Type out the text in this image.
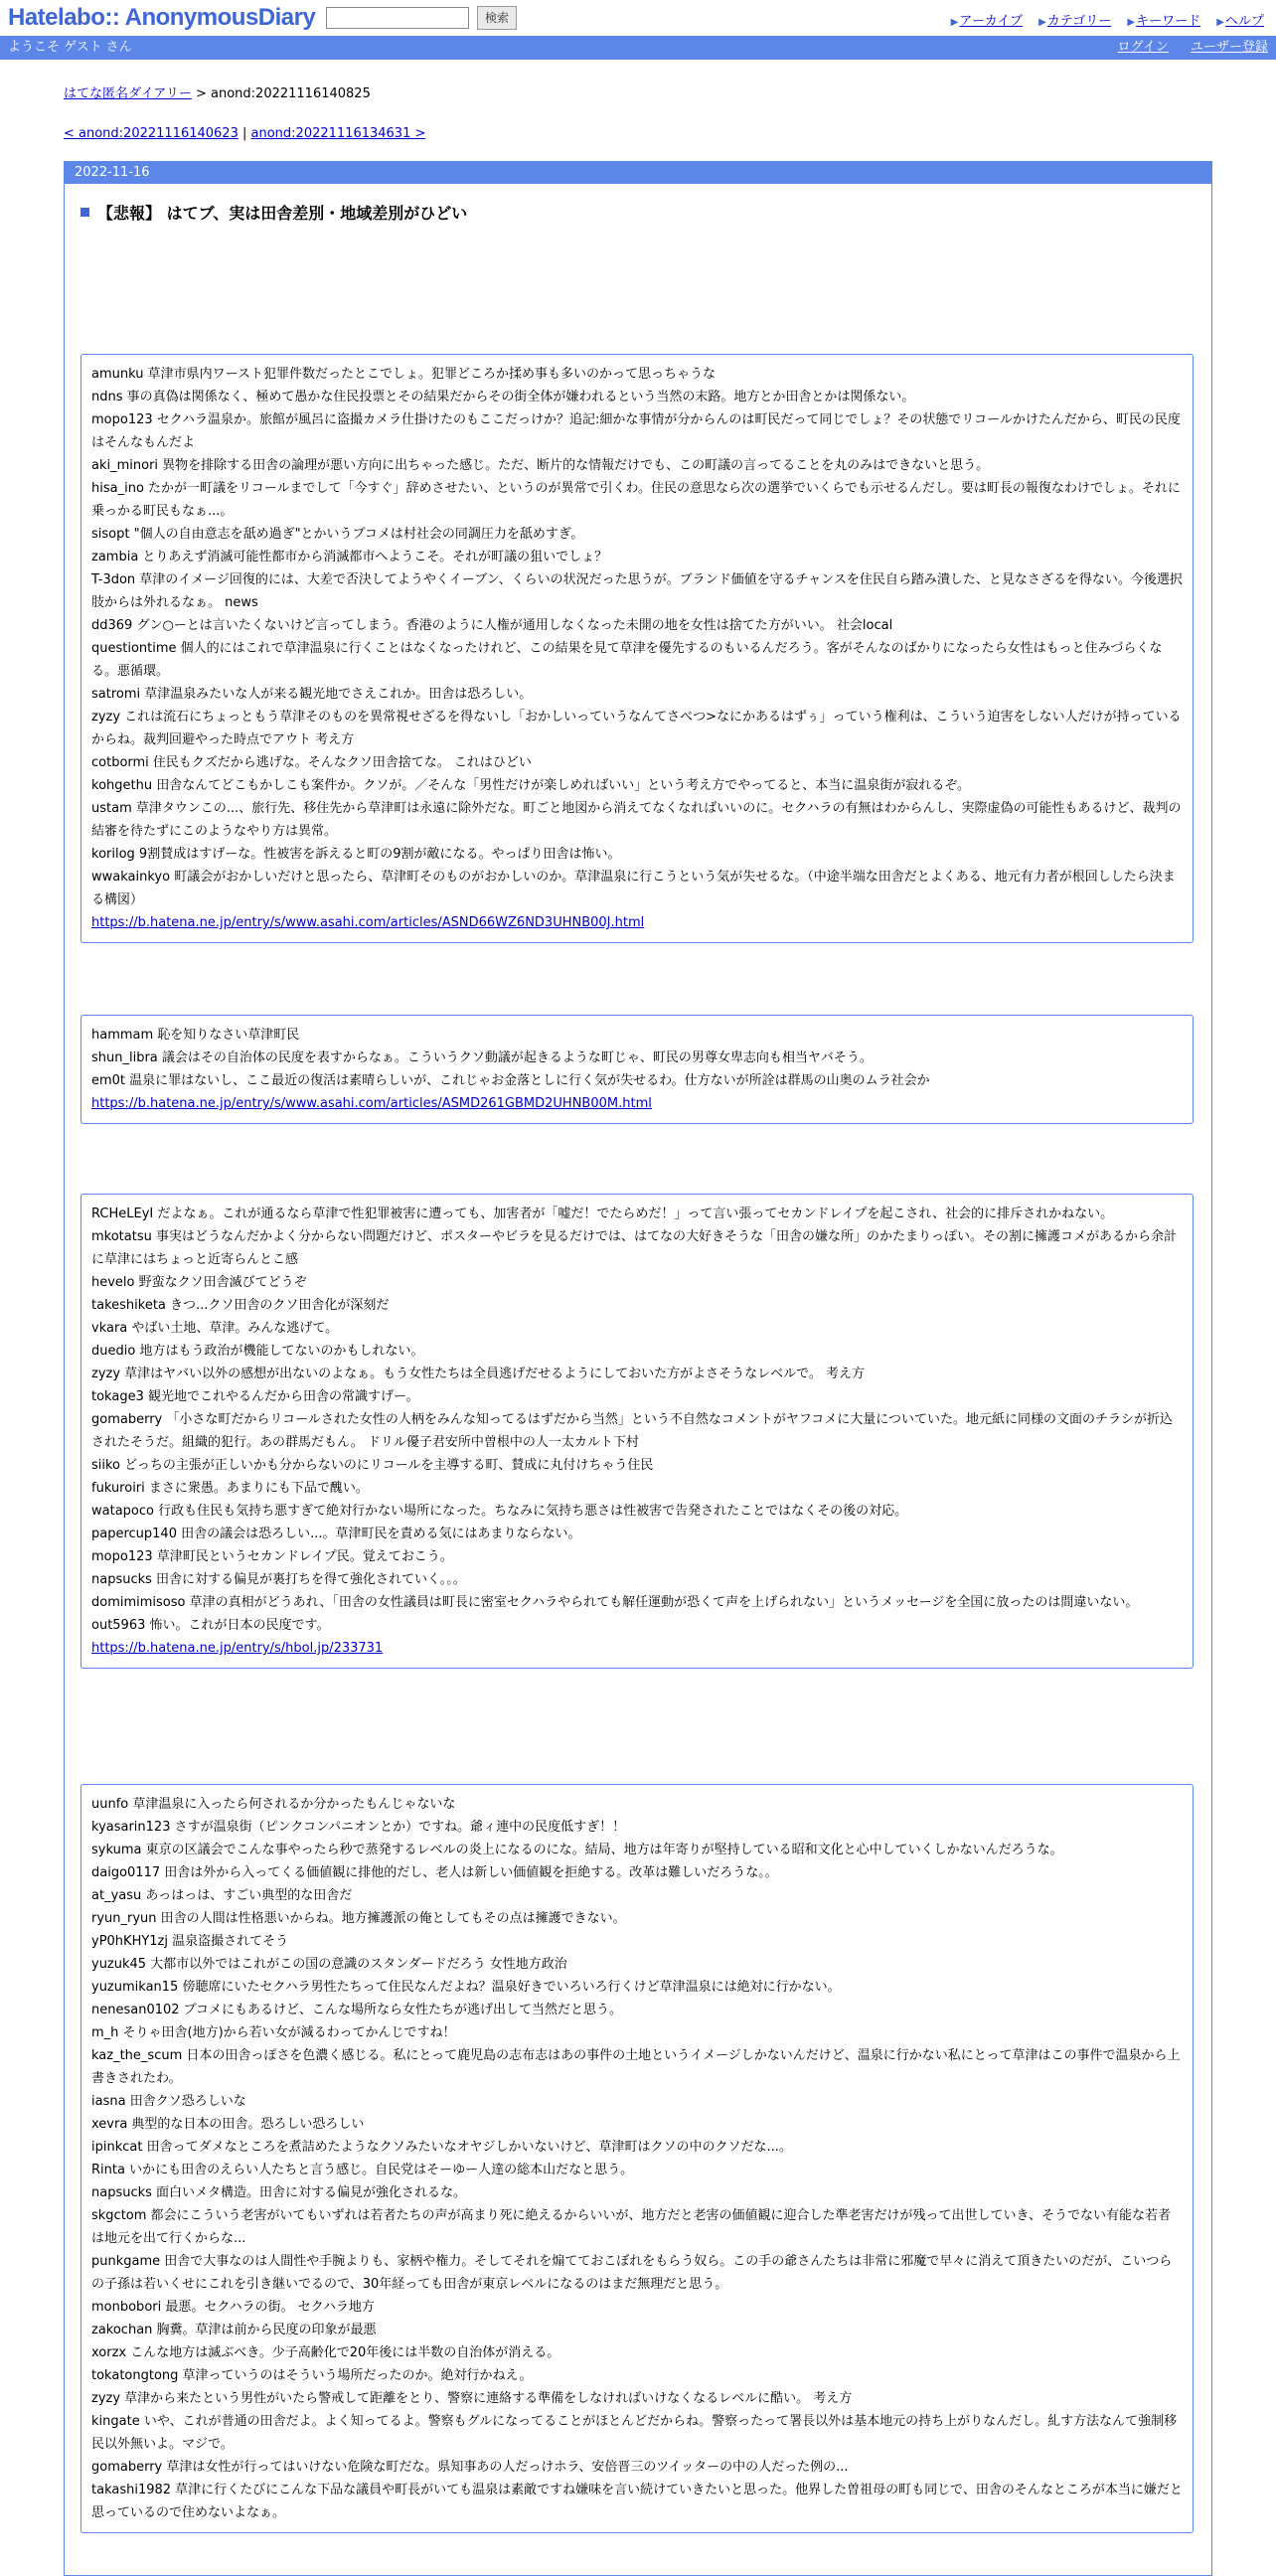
Hatelabo:: AnonymousDiary	検索	▶アーカイブ ▶カテゴリー ▶キーワード ▶ヘルプ
ようこそ ゲスト さん	ログイン ユーザー登録
はてな匿名ダイアリー > anond:20221116140825
< anond:20221116140623 | anond:20221116134631 >
2022-11-16
【悲報】 はてブ、実は田舎差別・地域差別がひどい

amunku 草津市県内ワースト犯罪件数だったとこでしょ。犯罪どころか揉め事も多いのかって思っちゃうな

ndns 事の真偽は関係なく、極めて愚かな住民投票とその結果だからその街全体が嫌われるという当然の末路。地方とか田舎とかは関係ない。

mopo123 セクハラ温泉か。旅館が風呂に盗撮カメラ仕掛けたのもここだっけか？追記:細かな事情が分からんのは町民だって同じでしょ？その状態でリコールかけたんだから、町民の民度はそんなもんだよ

aki_minori 異物を排除する田舎の論理が悪い方向に出ちゃった感じ。ただ、断片的な情報だけでも、この町議の言ってることを丸のみはできないと思う。

hisa_ino たかが一町議をリコールまでして「今すぐ」辞めさせたい、というのが異常で引くわ。住民の意思なら次の選挙でいくらでも示せるんだし。要は町長の報復なわけでしょ。それに乗っかる町民もなぁ...。

sisopt "個人の自由意志を舐め過ぎ"とかいうブコメは村社会の同調圧力を舐めすぎ。

zambia とりあえず消滅可能性都市から消滅都市へようこそ。それが町議の狙いでしょ？

T-3don 草津のイメージ回復的には、大差で否決してようやくイーブン、くらいの状況だった思うが。ブランド価値を守るチャンスを住民自ら踏み潰した、と見なさざるを得ない。今後選択肢からは外れるなぁ。 news

dd369 グン○ーとは言いたくないけど言ってしまう。香港のように人権が通用しなくなった未開の地を女性は捨てた方がいい。 社会local

questiontime 個人的にはこれで草津温泉に行くことはなくなったけれど、この結果を見て草津を優先するのもいるんだろう。客がそんなのばかりになったら女性はもっと住みづらくなる。悪循環。

satromi 草津温泉みたいな人が来る観光地でさえこれか。田舎は恐ろしい。

zyzy これは流石にちょっともう草津そのものを異常視せざるを得ないし「おかしいっていうなんてさべつ>なにかあるはずぅ」っていう権利は、こういう迫害をしない人だけが持っているからね。裁判回避やった時点でアウト 考え方

cotbormi 住民もクズだから逃げな。そんなクソ田舎捨てな。 これはひどい

kohgethu 田舎なんてどこもかしこも案件か。クソが。／そんな「男性だけが楽しめればいい」という考え方でやってると、本当に温泉街が寂れるぞ。

ustam 草津タウンこの...、旅行先、移住先から草津町は永遠に除外だな。町ごと地図から消えてなくなればいいのに。セクハラの有無はわからんし、実際虚偽の可能性もあるけど、裁判の結審を待たずにこのようなやり方は異常。

korilog 9割賛成はすげーな。性被害を訴えると町の9割が敵になる。やっぱり田舎は怖い。

wwakainkyo 町議会がおかしいだけと思ったら、草津町そのものがおかしいのか。草津温泉に行こうという気が失せるな。（中途半端な田舎だとよくある、地元有力者が根回ししたら決まる構図）

https://b.hatena.ne.jp/entry/s/www.asahi.com/articles/ASND66WZ6ND3UHNB00J.html

hammam 恥を知りなさい草津町民

shun_libra 議会はその自治体の民度を表すからなぁ。こういうクソ動議が起きるような町じゃ、町民の男尊女卑志向も相当ヤバそう。

em0t 温泉に罪はないし、ここ最近の復活は素晴らしいが、これじゃお金落としに行く気が失せるわ。仕方ないが所詮は群馬の山奥のムラ社会か

https://b.hatena.ne.jp/entry/s/www.asahi.com/articles/ASMD261GBMD2UHNB00M.html

RCHeLEyI だよなぁ。これが通るなら草津で性犯罪被害に遭っても、加害者が「嘘だ！でたらめだ！」って言い張ってセカンドレイプを起こされ、社会的に排斥されかねない。

mkotatsu 事実はどうなんだかよく分からない問題だけど、ポスターやビラを見るだけでは、はてなの大好きそうな「田舎の嫌な所」のかたまりっぽい。その割に擁護コメがあるから余計に草津にはちょっと近寄らんとこ感

hevelo 野蛮なクソ田舎滅びてどうぞ

takeshiketa きつ...クソ田舎のクソ田舎化が深刻だ

vkara やばい土地、草津。みんな逃げて。

duedio 地方はもう政治が機能してないのかもしれない。

zyzy 草津はヤバい以外の感想が出ないのよなぁ。もう女性たちは全員逃げだせるようにしておいた方がよさそうなレベルで。 考え方

tokage3 観光地でこれやるんだから田舎の常識すげー。

gomaberry 「小さな町だからリコールされた女性の人柄をみんな知ってるはずだから当然」という不自然なコメントがヤフコメに大量についていた。地元紙に同様の文面のチラシが折込されたそうだ。組織的犯行。あの群馬だもん。 ドリル優子君安所中曽根中の人一太カルト下村

siiko どっちの主張が正しいかも分からないのにリコールを主導する町、賛成に丸付けちゃう住民

fukuroiri まさに衆愚。あまりにも下品で醜い。

watapoco 行政も住民も気持ち悪すぎて絶対行かない場所になった。ちなみに気持ち悪さは性被害で告発されたことではなくその後の対応。

papercup140 田舎の議会は恐ろしい...。草津町民を責める気にはあまりならない。

mopo123 草津町民というセカンドレイプ民。覚えておこう。

napsucks 田舎に対する偏見が裏打ちを得て強化されていく。。。

domimimisoso 草津の真相がどうあれ、「田舎の女性議員は町長に密室セクハラやられても解任運動が恐くて声を上げられない」というメッセージを全国に放ったのは間違いない。

out5963 怖い。これが日本の民度です。

https://b.hatena.ne.jp/entry/s/hbol.jp/233731

uunfo 草津温泉に入ったら何されるか分かったもんじゃないな

kyasarin123 さすが温泉街（ピンクコンパニオンとか）ですね。爺ィ連中の民度低すぎ！！

sykuma 東京の区議会でこんな事やったら秒で蒸発するレベルの炎上になるのにな。結局、地方は年寄りが堅持している昭和文化と心中していくしかないんだろうな。

daigo0117 田舎は外から入ってくる価値観に排他的だし、老人は新しい価値観を拒絶する。改革は難しいだろうな。。

at_yasu あっはっは、すごい典型的な田舎だ

ryun_ryun 田舎の人間は性格悪いからね。地方擁護派の俺としてもその点は擁護できない。

yP0hKHY1zj 温泉盗撮されてそう

yuzuk45 大都市以外ではこれがこの国の意識のスタンダードだろう 女性地方政治

yuzumikan15 傍聴席にいたセクハラ男性たちって住民なんだよね？温泉好きでいろいろ行くけど草津温泉には絶対に行かない。

nenesan0102 ブコメにもあるけど、こんな場所なら女性たちが逃げ出して当然だと思う。

m_h そりゃ田舎(地方)から若い女が減るわってかんじですね！

kaz_the_scum 日本の田舎っぽさを色濃く感じる。私にとって鹿児島の志布志はあの事件の土地というイメージしかないんだけど、温泉に行かない私にとって草津はこの事件で温泉から上書きされたわ。

iasna 田舎クソ恐ろしいな

xevra 典型的な日本の田舎。恐ろしい恐ろしい

ipinkcat 田舎ってダメなところを煮詰めたようなクソみたいなオヤジしかいないけど、草津町はクソの中のクソだな...。

Rinta いかにも田舎のえらい人たちと言う感じ。自民党はそーゆー人達の総本山だなと思う。

napsucks 面白いメタ構造。田舎に対する偏見が強化されるな。

skgctom 都会にこういう老害がいてもいずれは若者たちの声が高まり死に絶えるからいいが、地方だと老害の価値観に迎合した準老害だけが残って出世していき、そうでない有能な若者は地元を出て行くからな...

punkgame 田舎で大事なのは人間性や手腕よりも、家柄や権力。そしてそれを煽てておこぼれをもらう奴ら。この手の爺さんたちは非常に邪魔で早々に消えて頂きたいのだが、こいつらの子孫は若いくせにこれを引き継いでるので、30年経っても田舎が東京レベルになるのはまだ無理だと思う。

monbobori 最悪。セクハラの街。 セクハラ地方

zakochan 胸糞。草津は前から民度の印象が最悪

xorzx こんな地方は滅ぶべき。少子高齢化で20年後には半数の自治体が消える。

tokatongtong 草津っていうのはそういう場所だったのか。絶対行かねえ。

zyzy 草津から来たという男性がいたら警戒して距離をとり、警察に連絡する準備をしなければいけなくなるレベルに酷い。 考え方

kingate いや、これが普通の田舎だよ。よく知ってるよ。警察もグルになってることがほとんどだからね。警察ったって署長以外は基本地元の持ち上がりなんだし。糺す方法なんて強制移民以外無いよ。マジで。

gomaberry 草津は女性が行ってはいけない危険な町だな。県知事あの人だっけホラ、安倍晋三のツイッターの中の人だった例の...

takashi1982 草津に行くたびにこんな下品な議員や町長がいても温泉は素敵ですね嫌味を言い続けていきたいと思った。他界した曽祖母の町も同じで、田舎のそんなところが本当に嫌だと思っているので住めないよなぁ。
